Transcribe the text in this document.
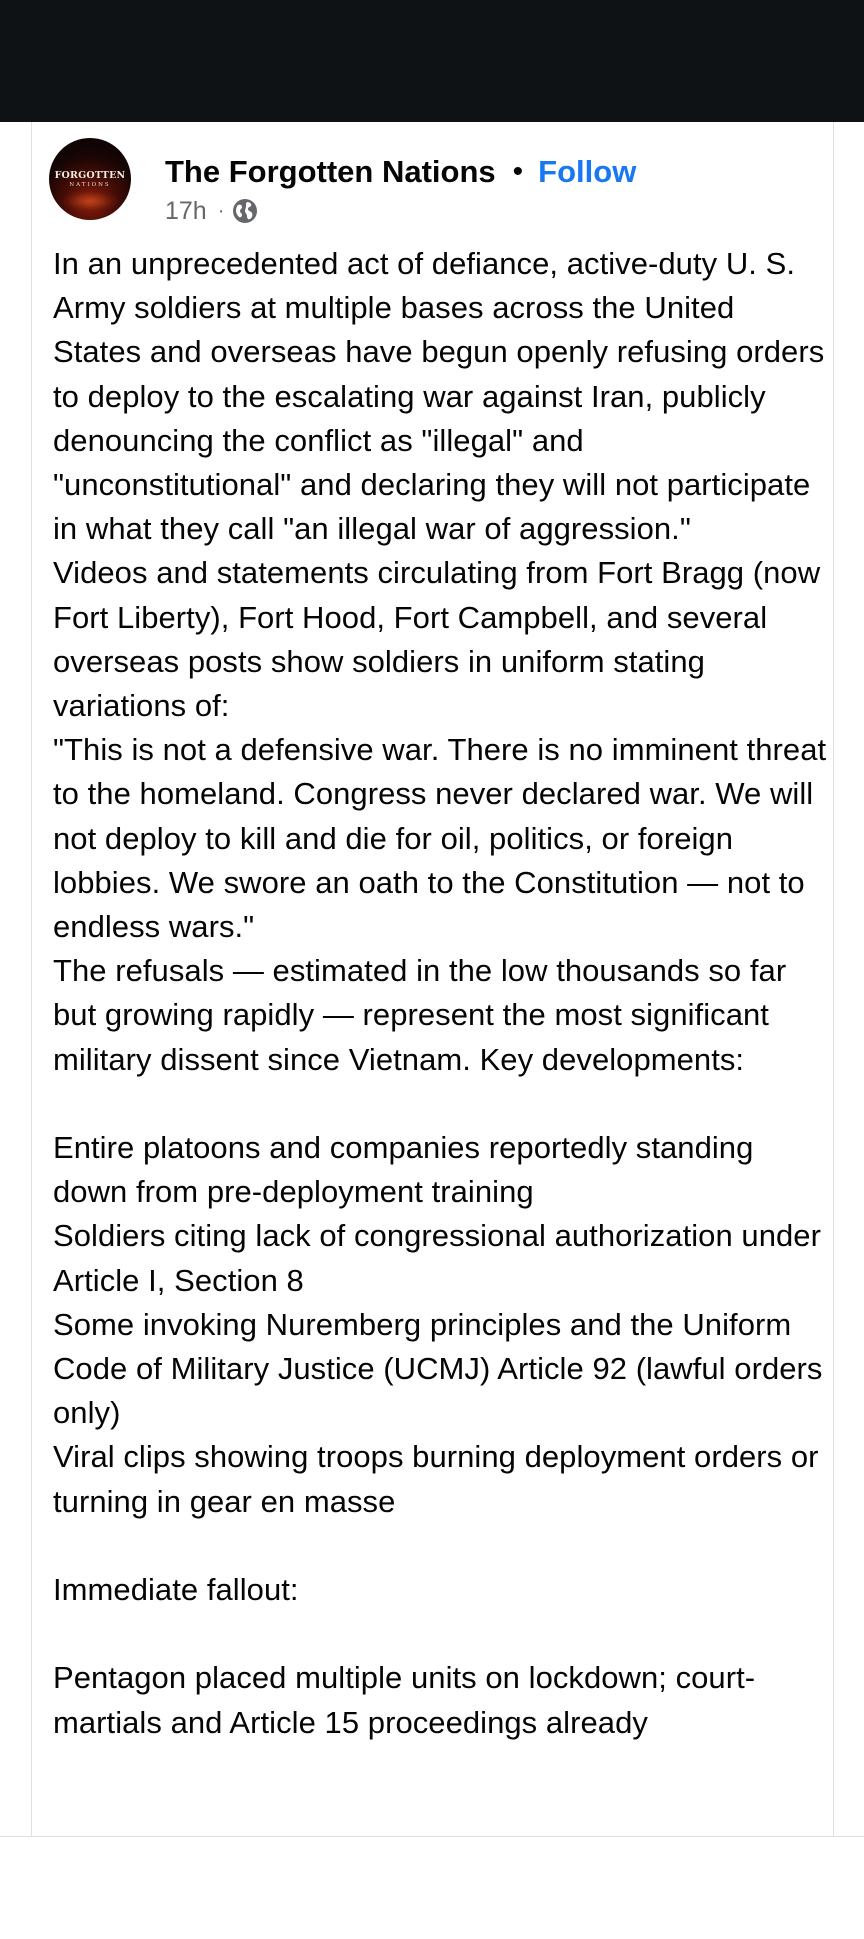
FORGOTTEN
NATIONS	The Forgotten Nations • Follow
17h ·

In an unprecedented act of defiance, active-duty U. S. Army soldiers at multiple bases across the United States and overseas have begun openly refusing orders to deploy to the escalating war against Iran, publicly denouncing the conflict as "illegal" and "unconstitutional" and declaring they will not participate in what they call "an illegal war of aggression."

Videos and statements circulating from Fort Bragg (now Fort Liberty), Fort Hood, Fort Campbell, and several overseas posts show soldiers in uniform stating variations of:

"This is not a defensive war. There is no imminent threat to the homeland. Congress never declared war. We will not deploy to kill and die for oil, politics, or foreign lobbies. We swore an oath to the Constitution — not to endless wars."

The refusals — estimated in the low thousands so far but growing rapidly — represent the most significant military dissent since Vietnam. Key developments:

Entire platoons and companies reportedly standing down from pre-deployment training

Soldiers citing lack of congressional authorization under Article I, Section 8

Some invoking Nuremberg principles and the Uniform Code of Military Justice (UCMJ) Article 92 (lawful orders only)

Viral clips showing troops burning deployment orders or turning in gear en masse

Immediate fallout:

Pentagon placed multiple units on lockdown; court-martials and Article 15 proceedings already
